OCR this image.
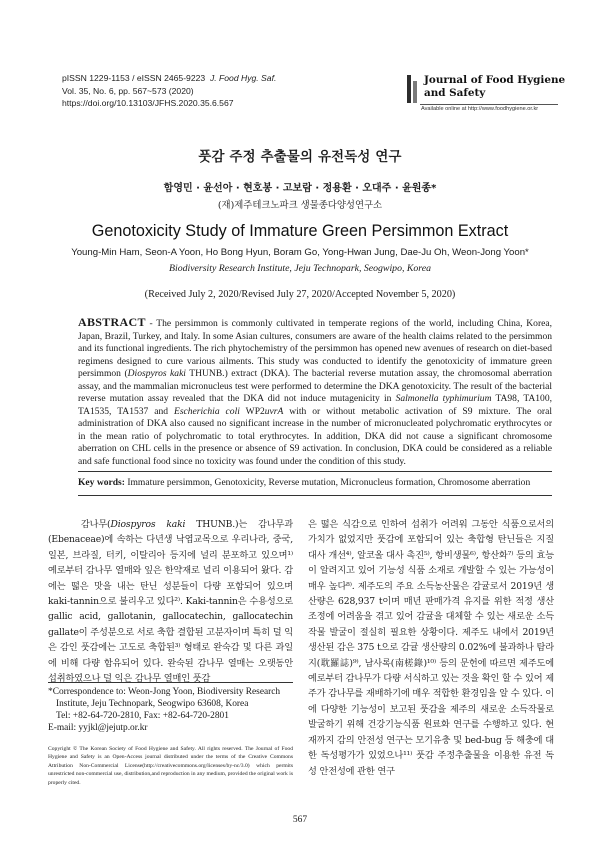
pISSN 1229-1153 / eISSN 2465-9223 J. Food Hyg. Saf.
Vol. 35, No. 6, pp. 567~573 (2020)
https://doi.org/10.13103/JFHS.2020.35.6.567
Journal of Food Hygiene
and Safety
Available online at http://www.foodhygiene.or.kr
풋감 주정 추출물의 유전독성 연구
함영민 · 윤선아 · 현호봉 · 고보람 · 정용환 · 오대주 · 윤원종*
(재)제주테크노파크 생물종다양성연구소
Genotoxicity Study of Immature Green Persimmon Extract
Young-Min Ham, Seon-A Yoon, Ho Bong Hyun, Boram Go, Yong-Hwan Jung, Dae-Ju Oh, Weon-Jong Yoon*
Biodiversity Research Institute, Jeju Technopark, Seogwipo, Korea
(Received July 2, 2020/Revised July 27, 2020/Accepted November 5, 2020)
ABSTRACT - The persimmon is commonly cultivated in temperate regions of the world, including China, Korea, Japan, Brazil, Turkey, and Italy. In some Asian cultures, consumers are aware of the health claims related to the persimmon and its functional ingredients. The rich phytochemistry of the persimmon has opened new avenues of research on diet-based regimens designed to cure various ailments. This study was conducted to identify the genotoxicity of immature green persimmon (Diospyros kaki THUNB.) extract (DKA). The bacterial reverse mutation assay, the chromosomal aberration assay, and the mammalian micronucleus test were performed to determine the DKA genotoxicity. The result of the bacterial reverse mutation assay revealed that the DKA did not induce mutagenicity in Salmonella typhimurium TA98, TA100, TA1535, TA1537 and Escherichia coli WP2uvrA with or without metabolic activation of S9 mixture. The oral administration of DKA also caused no significant increase in the number of micronucleated polychromatic erythrocytes or in the mean ratio of polychromatic to total erythrocytes. In addition, DKA did not cause a significant chromosome aberration on CHL cells in the presence or absence of S9 activation. In conclusion, DKA could be considered as a reliable and safe functional food since no toxicity was found under the condition of this study.
Key words: Immature persimmon, Genotoxicity, Reverse mutation, Micronucleus formation, Chromosome aberration
감나무(Diospyros kaki THUNB.)는 감나무과(Ebenaceae)에 속하는 다년생 낙엽교목으로 우리나라, 중국, 일본, 브라질, 터키, 이탈리아 등지에 널리 분포하고 있으며¹⁾ 예로부터 감나무 열매와 잎은 한약재로 널리 이용되어 왔다. 감에는 떫은 맛을 내는 탄닌 성분들이 다량 포함되어 있으며 kaki-tannin으로 불리우고 있다²⁾. Kaki-tannin은 수용성으로 gallic acid, gallotanin, gallocatechin, gallocatechin gallate이 주성분으로 서로 축합 결합된 고분자이며 특히 덜 익은 감인 풋감에는 고도로 축합된³⁾ 형태로 완숙감 및 다른 과일에 비해 다량 함유되어 있다. 완숙된 감나무 열매는 오랫동안 섭취하였으나 덜 익은 감나무 열매인 풋감
은 떫은 식감으로 인하여 섭취가 어려워 그동안 식품으로서의 가치가 없었지만 풋감에 포함되어 있는 축합형 탄닌들은 지질대사 개선⁴⁾, 알코올 대사 촉진⁵⁾, 항비생물⁶⁾, 항산화⁷⁾ 등의 효능이 알려지고 있어 기능성 식품 소재로 개발할 수 있는 가능성이 매우 높다⁸⁾. 제주도의 주요 소득농산물은 감귤로서 2019년 생산량은 628,937 t이며 매년 판매가격 유지를 위한 적정 생산 조정에 어려움을 겪고 있어 감귤을 대체할 수 있는 새로운 소득 작물 발굴이 절실히 필요한 상황이다. 제주도 내에서 2019년 생산된 감은 375 t으로 감귤 생산량의 0.02%에 불과하나 탐라지(耽羅誌)⁹⁾, 남사록(南槎錄)¹⁰⁾ 등의 문헌에 따르면 제주도에 예로부터 감나무가 다량 서식하고 있는 것을 확인 할 수 있어 제주가 감나무를 재배하기에 매우 적합한 환경임을 알 수 있다. 이에 다양한 기능성이 보고된 풋감을 제주의 새로운 소득작물로 발굴하기 위해 건강기능식품 원료화 연구를 수행하고 있다. 현재까지 감의 안전성 연구는 모기유충 및 bed-bug 등 해충에 대한 독성평가가 있었으나¹¹⁾ 풋감 주정추출물을 이용한 유전 독성 안전성에 관한 연구
*Correspondence to: Weon-Jong Yoon, Biodiversity Research
Institute, Jeju Technopark, Seogwipo 63608, Korea
Tel: +82-64-720-2810, Fax: +82-64-720-2801
E-mail: yyjkl@jejutp.or.kr
Copyright © The Korean Society of Food Hygiene and Safety. All rights reserved. The Journal of Food Hygiene and Safety is an Open-Access journal distributed under the terms of the Creative Commons Attribution Non-Commercial License(http://creativecommons.org/licenses/by-nc/3.0) which permits unrestricted non-commercial use, distribution,and reproduction in any medium, provided the original work is properly cited.
567
